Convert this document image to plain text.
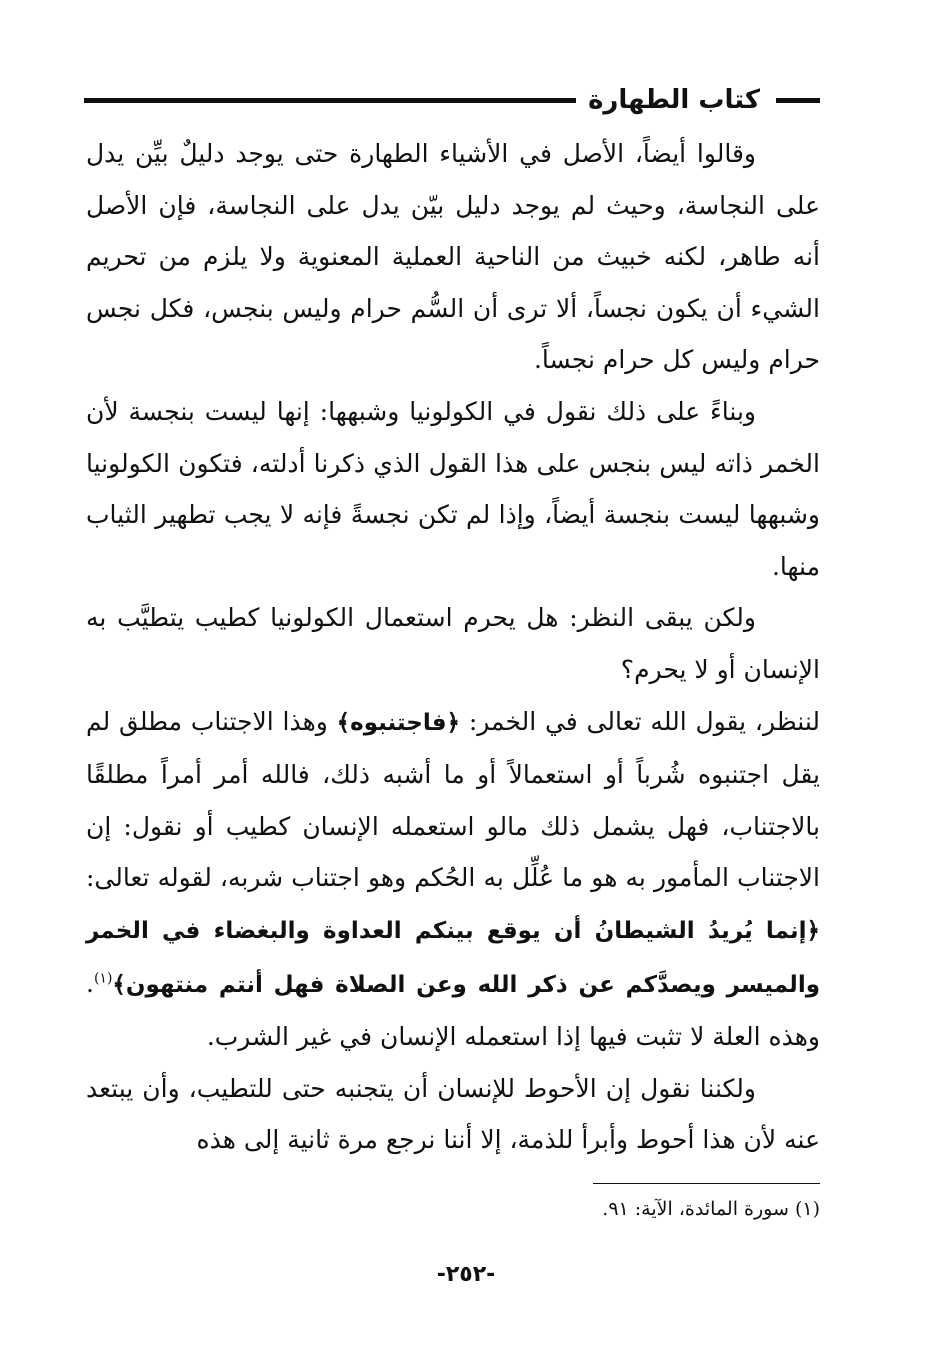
كتاب الطهارة

وقالوا أيضاً، الأصل في الأشياء الطهارة حتى يوجد دليلٌ بيِّن يدل على النجاسة، وحيث لم يوجد دليل بيّن يدل على النجاسة، فإن الأصل أنه طاهر، لكنه خبيث من الناحية العملية المعنوية ولا يلزم من تحريم الشيء أن يكون نجساً، ألا ترى أن السُّم حرام وليس بنجس، فكل نجس حرام وليس كل حرام نجساً.

وبناءً على ذلك نقول في الكولونيا وشبهها: إنها ليست بنجسة لأن الخمر ذاته ليس بنجس على هذا القول الذي ذكرنا أدلته، فتكون الكولونيا وشبهها ليست بنجسة أيضاً، وإذا لم تكن نجسةً فإنه لا يجب تطهير الثياب منها.

ولكن يبقى النظر: هل يحرم استعمال الكولونيا كطيب يتطيَّب به الإنسان أو لا يحرم؟

لننظر، يقول الله تعالى في الخمر: ﴿فاجتنبوه﴾ وهذا الاجتناب مطلق لم يقل اجتنبوه شُرباً أو استعمالاً أو ما أشبه ذلك، فالله أمر أمراً مطلقًا بالاجتناب، فهل يشمل ذلك مالو استعمله الإنسان كطيب أو نقول: إن الاجتناب المأمور به هو ما عُلِّل به الحُكم وهو اجتناب شربه، لقوله تعالى: ﴿إنما يُريدُ الشيطانُ أن يوقع بينكم العداوة والبغضاء في الخمر والميسر ويصدَّكم عن ذكر الله وعن الصلاة فهل أنتم منتهون﴾$^{(١)}$. وهذه العلة لا تثبت فيها إذا استعمله الإنسان في غير الشرب.

ولكننا نقول إن الأحوط للإنسان أن يتجنبه حتى للتطيب، وأن يبتعد عنه لأن هذا أحوط وأبرأ للذمة، إلا أننا نرجع مرة ثانية إلى هذه

(١) سورة المائدة، الآية: ٩١.
-٢٥٢-
